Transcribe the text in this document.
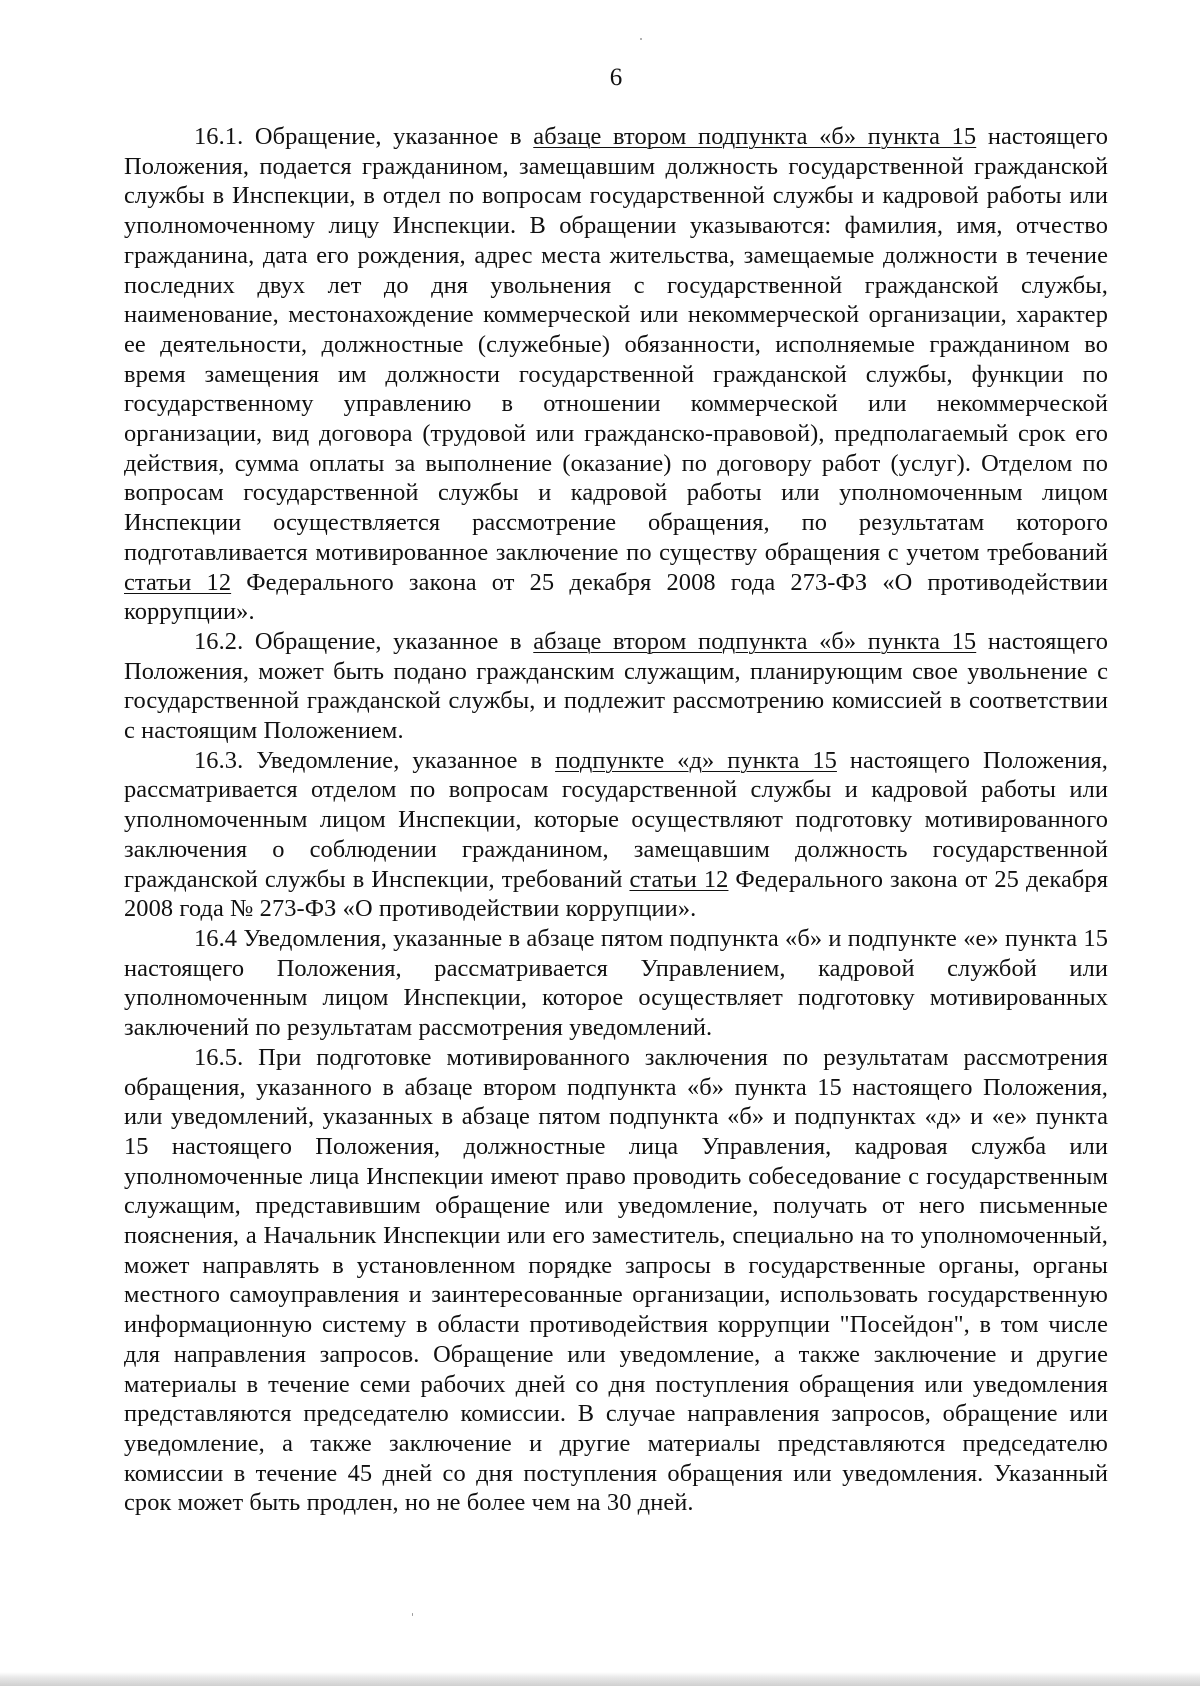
6

16.1. Обращение, указанное в абзаце втором подпункта «б» пункта 15 настоящего Положения, подается гражданином, замещавшим должность государственной гражданской службы в Инспекции, в отдел по вопросам государственной службы и кадровой работы или уполномоченному лицу Инспекции. В обращении указываются: фамилия, имя, отчество гражданина, дата его рождения, адрес места жительства, замещаемые должности в течение последних двух лет до дня увольнения с государственной гражданской службы, наименование, местонахождение коммерческой или некоммерческой организации, характер ее деятельности, должностные (служебные) обязанности, исполняемые гражданином во время замещения им должности государственной гражданской службы, функции по государственному управлению в отношении коммерческой или некоммерческой организации, вид договора (трудовой или гражданско-правовой), предполагаемый срок его действия, сумма оплаты за выполнение (оказание) по договору работ (услуг). Отделом по вопросам государственной службы и кадровой работы или уполномоченным лицом Инспекции осуществляется рассмотрение обращения, по результатам которого подготавливается мотивированное заключение по существу обращения с учетом требований статьи 12 Федерального закона от 25 декабря 2008 года 273-ФЗ «О противодействии коррупции».

16.2. Обращение, указанное в абзаце втором подпункта «б» пункта 15 настоящего Положения, может быть подано гражданским служащим, планирующим свое увольнение с государственной гражданской службы, и подлежит рассмотрению комиссией в соответствии с настоящим Положением.

16.3. Уведомление, указанное в подпункте «д» пункта 15 настоящего Положения, рассматривается отделом по вопросам государственной службы и кадровой работы или уполномоченным лицом Инспекции, которые осуществляют подготовку мотивированного заключения о соблюдении гражданином, замещавшим должность государственной гражданской службы в Инспекции, требований статьи 12 Федерального закона от 25 декабря 2008 года № 273-ФЗ «О противодействии коррупции».

16.4 Уведомления, указанные в абзаце пятом подпункта «б» и подпункте «е» пункта 15 настоящего Положения, рассматривается Управлением, кадровой службой или уполномоченным лицом Инспекции, которое осуществляет подготовку мотивированных заключений по результатам рассмотрения уведомлений.

16.5. При подготовке мотивированного заключения по результатам рассмотрения обращения, указанного в абзаце втором подпункта «б» пункта 15 настоящего Положения, или уведомлений, указанных в абзаце пятом подпункта «б» и подпунктах «д» и «е» пункта 15 настоящего Положения, должностные лица Управления, кадровая служба или уполномоченные лица Инспекции имеют право проводить собеседование с государственным служащим, представившим обращение или уведомление, получать от него письменные пояснения, а Начальник Инспекции или его заместитель, специально на то уполномоченный, может направлять в установленном порядке запросы в государственные органы, органы местного самоуправления и заинтересованные организации, использовать государственную информационную систему в области противодействия коррупции "Посейдон", в том числе для направления запросов. Обращение или уведомление, а также заключение и другие материалы в течение семи рабочих дней со дня поступления обращения или уведомления представляются председателю комиссии. В случае направления запросов, обращение или уведомление, а также заключение и другие материалы представляются председателю комиссии в течение 45 дней со дня поступления обращения или уведомления. Указанный срок может быть продлен, но не более чем на 30 дней.
